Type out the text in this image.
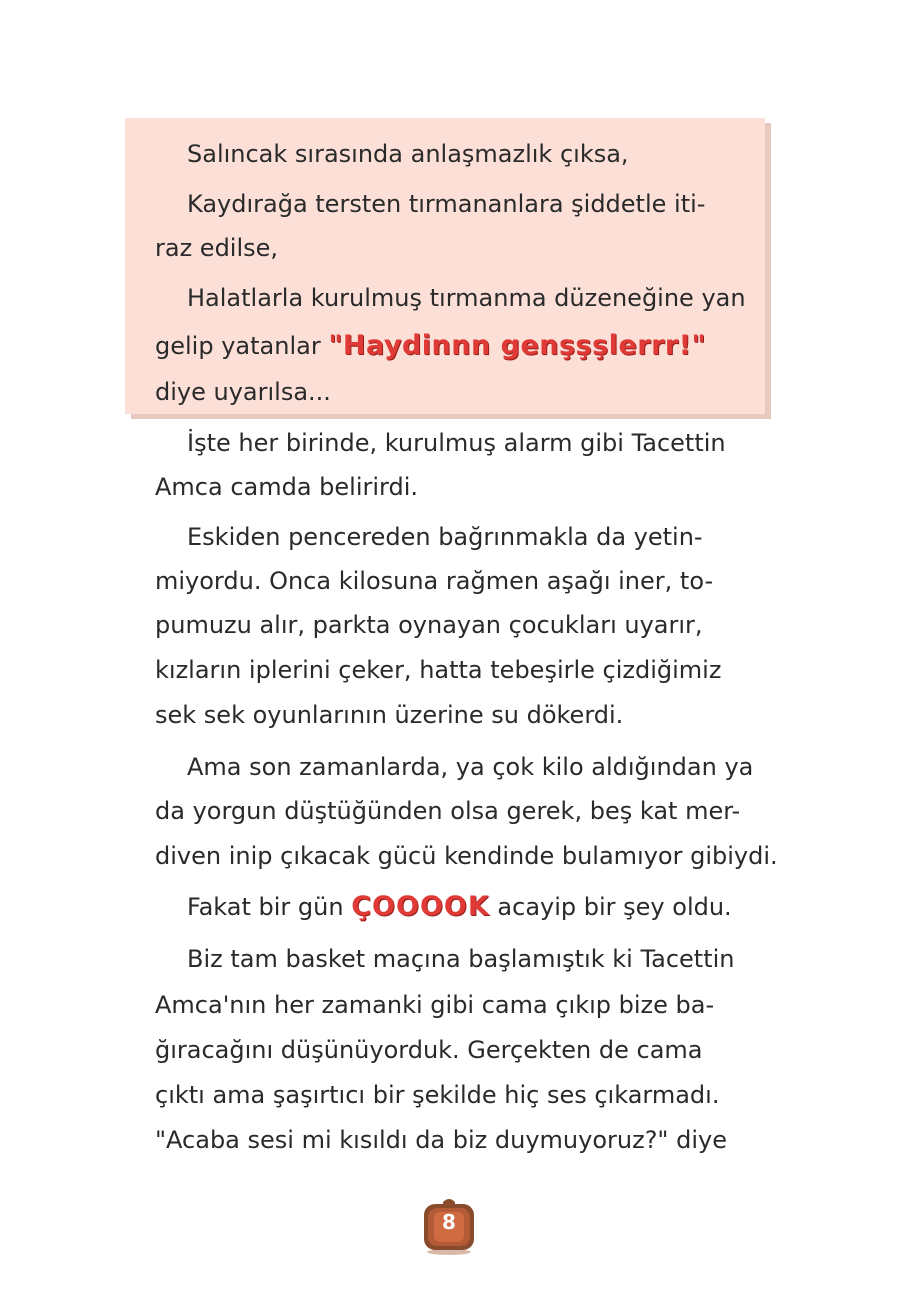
Salıncak sırasında anlaşmazlık çıksa,
Kaydırağa tersten tırmananlara şiddetle iti-
raz edilse,
Halatlarla kurulmuş tırmanma düzeneğine yan
gelip yatanlar "Haydinnn genşşşlerrr!"
diye uyarılsa...
İşte her birinde, kurulmuş alarm gibi Tacettin
Amca camda belirirdi.
Eskiden pencereden bağrınmakla da yetin-
miyordu. Onca kilosuna rağmen aşağı iner, to-
pumuzu alır, parkta oynayan çocukları uyarır,
kızların iplerini çeker, hatta tebeşirle çizdiğimiz
sek sek oyunlarının üzerine su dökerdi.
Ama son zamanlarda, ya çok kilo aldığından ya
da yorgun düştüğünden olsa gerek, beş kat mer-
diven inip çıkacak gücü kendinde bulamıyor gibiydi.
Fakat bir gün ÇOOOOK acayip bir şey oldu.
Biz tam basket maçına başlamıştık ki Tacettin
Amca'nın her zamanki gibi cama çıkıp bize ba-
ğıracağını düşünüyorduk. Gerçekten de cama
çıktı ama şaşırtıcı bir şekilde hiç ses çıkarmadı.
"Acaba sesi mi kısıldı da biz duymuyoruz?" diye
8
